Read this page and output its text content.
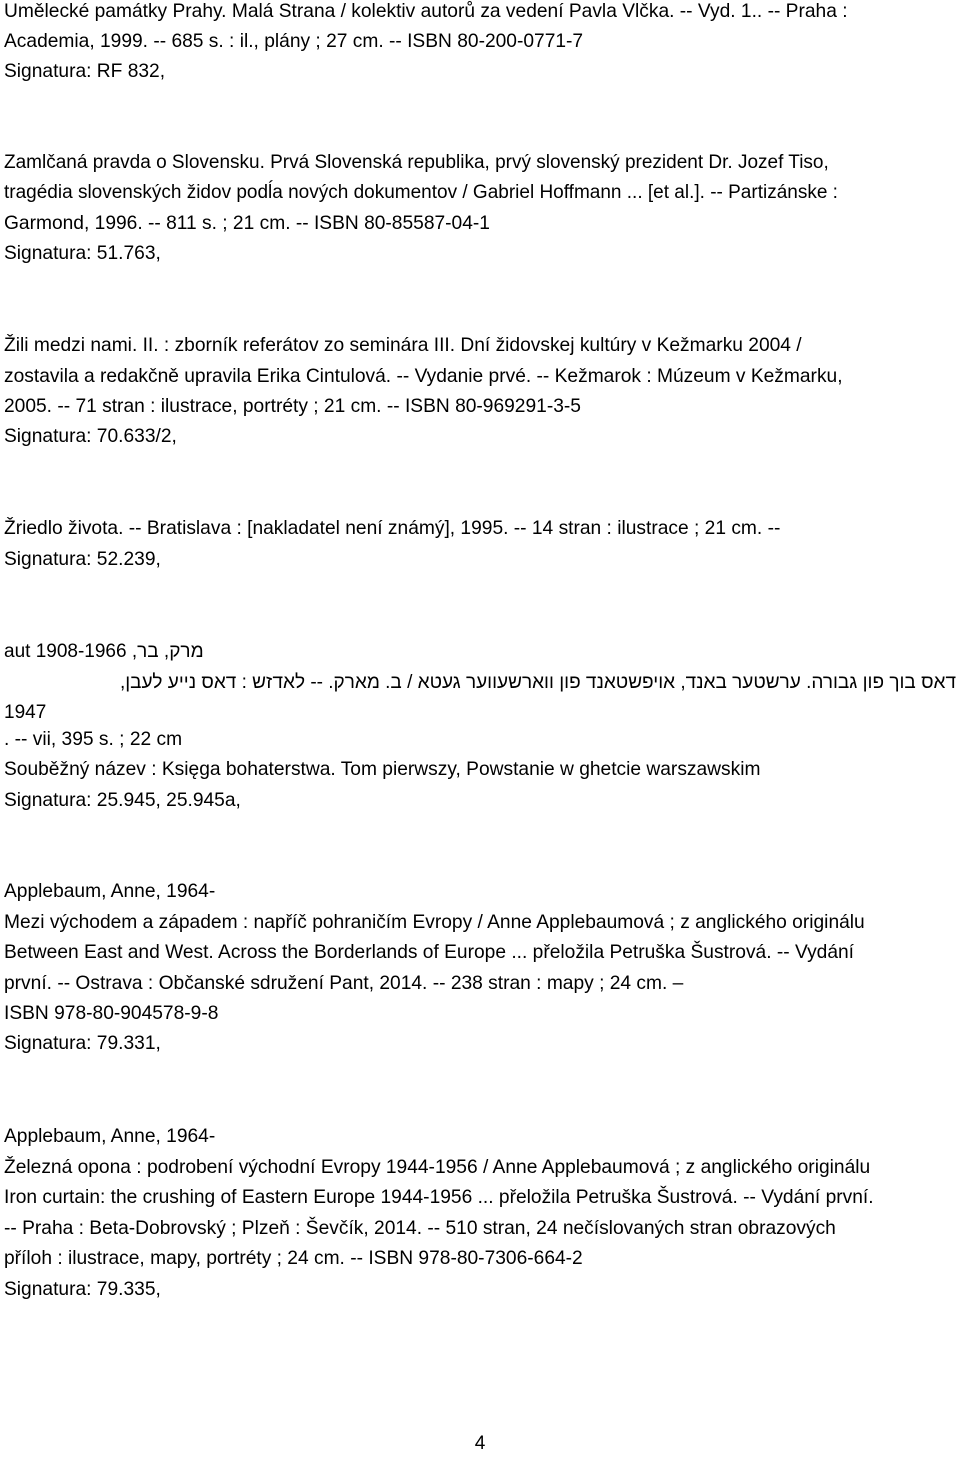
Umělecké památky Prahy. Malá Strana / kolektiv autorů za vedení Pavla Vlčka. -- Vyd. 1.. -- Praha :
Academia, 1999. -- 685 s. : il., plány ; 27 cm. -- ISBN 80-200-0771-7
Signatura: RF 832,
Zamlčaná pravda o Slovensku. Prvá Slovenská republika, prvý slovenský prezident Dr. Jozef Tiso,
tragédia slovenských židov podĺa nových dokumentov / Gabriel Hoffmann ... [et al.]. -- Partizánske :
Garmond, 1996. -- 811 s. ; 21 cm. -- ISBN 80-85587-04-1
Signatura: 51.763,
Žili medzi nami. II. : zborník referátov zo seminára III. Dní židovskej kultúry v Kežmarku 2004 /
zostavila a redakčně upravila Erika Cintulová. -- Vydanie prvé. -- Kežmarok : Múzeum v Kežmarku,
2005. -- 71 stran : ilustrace, portréty ; 21 cm. -- ISBN 80-969291-3-5
Signatura: 70.633/2,
Žriedlo života. -- Bratislava : [nakladatel není známý], 1995. -- 14 stran : ilustrace ; 21 cm. --
Signatura: 52.239,
מרק, בר, 1908-1966 aut
דאס בוך פון גבורה. ערשטער באנד, אויפשטאנד פון ווארשעווער געטא / ב. מארק. -- לאדזש : דאס נייע לעבן,
1947
. -- vii, 395 s. ; 22 cm
Souběžný název : Księga bohaterstwa. Tom pierwszy, Powstanie w ghetcie warszawskim
Signatura: 25.945, 25.945a,
Applebaum, Anne, 1964-
Mezi východem a západem : napříč pohraničím Evropy / Anne Applebaumová ; z anglického originálu
Between East and West. Across the Borderlands of Europe ... přeložila Petruška Šustrová. -- Vydání
první. -- Ostrava : Občanské sdružení Pant, 2014. -- 238 stran : mapy ; 24 cm. –
ISBN 978-80-904578-9-8
Signatura: 79.331,
Applebaum, Anne, 1964-
Železná opona : podrobení východní Evropy 1944-1956 / Anne Applebaumová ; z anglického originálu
Iron curtain: the crushing of Eastern Europe 1944-1956 ... přeložila Petruška Šustrová. -- Vydání první.
-- Praha : Beta-Dobrovský ; Plzeň : Ševčík, 2014. -- 510 stran, 24 nečíslovaných stran obrazových
příloh : ilustrace, mapy, portréty ; 24 cm. -- ISBN 978-80-7306-664-2
Signatura: 79.335,
4
